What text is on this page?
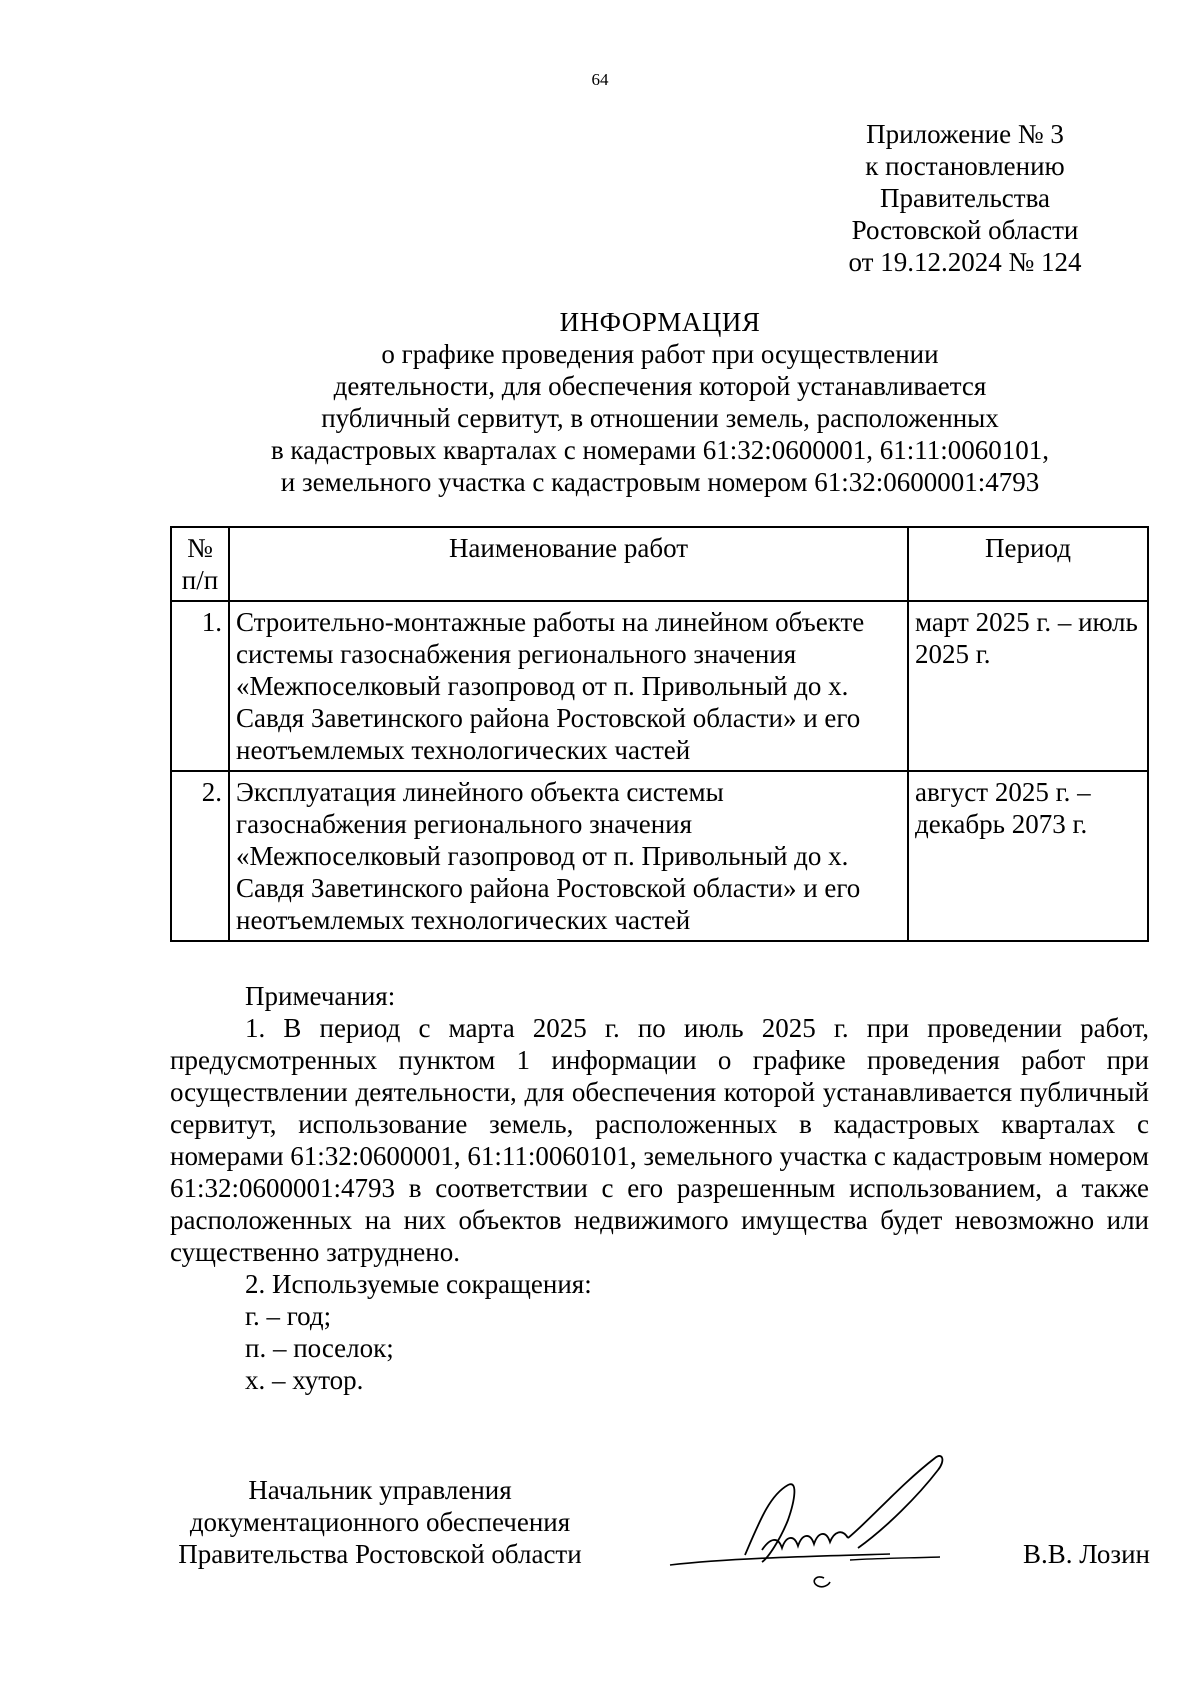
64
Приложение № 3
к постановлению
Правительства
Ростовской области
от 19.12.2024 № 124
ИНФОРМАЦИЯ
о графике проведения работ при осуществлении
деятельности, для обеспечения которой устанавливается
публичный сервитут, в отношении земель, расположенных
в кадастровых кварталах с номерами 61:32:0600001, 61:11:0060101,
и земельного участка с кадастровым номером 61:32:0600001:4793
№ п/п	Наименование работ	Период
1.	Строительно-монтажные работы на линейном объекте системы газоснабжения регионального значения «Межпоселковый газопровод от п. Привольный до х. Савдя Заветинского района Ростовской области» и его неотъемлемых технологических частей	март 2025 г. – июль 2025 г.
2.	Эксплуатация линейного объекта системы газоснабжения регионального значения «Межпоселковый газопровод от п. Привольный до х. Савдя Заветинского района Ростовской области» и его неотъемлемых технологических частей	август 2025 г. – декабрь 2073 г.

Примечания:

1. В период с марта 2025 г. по июль 2025 г. при проведении работ, предусмотренных пунктом 1 информации о графике проведения работ при осуществлении деятельности, для обеспечения которой устанавливается публичный сервитут, использование земель, расположенных в кадастровых кварталах с номерами 61:32:0600001, 61:11:0060101, земельного участка с кадастровым номером 61:32:0600001:4793 в соответствии с его разрешенным использованием, а также расположенных на них объектов недвижимого имущества будет невозможно или существенно затруднено.

2. Используемые сокращения:

г. – год;

п. – поселок;

х. – хутор.

Начальник управления
документационного обеспечения
Правительства Ростовской области	В.В. Лозин
